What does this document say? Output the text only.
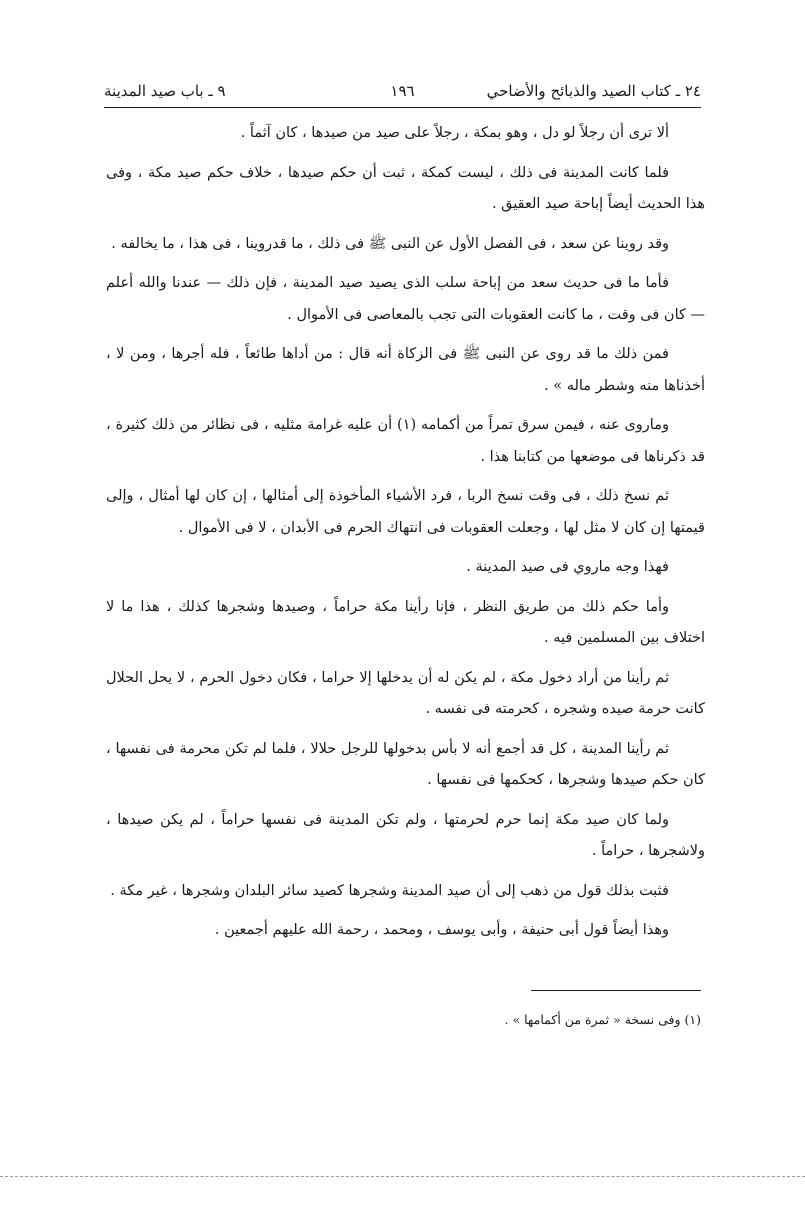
٢٤ ـ كتاب الصيد والذبائح والأضاحي
١٩٦
٩ ـ باب صيد المدينة

ألا ترى أن رجلاً لو دل ، وهو بمكة ، رجلاً على صيد من صيدها ، كان آثماً .

فلما كانت المدينة فى ذلك ، ليست كمكة ، ثبت أن حكم صيدها ، خلاف حكم صيد مكة ، وفى هذا الحديث أيضاً إباحة صيد العقيق .

وقد روينا عن سعد ، فى الفصل الأول عن النبى ﷺ فى ذلك ، ما قدروينا ، فى هذا ، ما يخالفه .

فأما ما فى حديث سعد من إباحة سلب الذى يصيد صيد المدينة ، فإن ذلك — عندنا والله أعلم — كان فى وقت ، ما كانت العقوبات التى تجب بالمعاصى فى الأموال .

فمن ذلك ما قد روى عن النبى ﷺ فى الزكاة أنه قال : من أداها طائعاً ، فله أجرها ، ومن لا ، أخذناها منه وشطر ماله » .

وماروى عنه ، فيمن سرق تمراً من أكمامه (١) أن عليه غرامة مثليه ، فى نظائر من ذلك كثيرة ، قد ذكرناها فى موضعها من كتابنا هذا .

ثم نسخ ذلك ، فى وقت نسخ الربا ، فرد الأشياء المأخوذة إلى أمثالها ، إن كان لها أمثال ، وإلى قيمتها إن كان لا مثل لها ، وجعلت العقوبات فى انتهاك الحرم فى الأبدان ، لا فى الأموال .

فهذا وجه ماروي فى صيد المدينة .

وأما حكم ذلك من طريق النظر ، فإنا رأينا مكة حراماً ، وصيدها وشجرها كذلك ، هذا ما لا اختلاف بين المسلمين فيه .

ثم رأينا من أراد دخول مكة ، لم يكن له أن يدخلها إلا حراما ، فكان دخول الحرم ، لا يحل الحلال كانت حرمة صيده وشجره ، كحرمته فى نفسه .

ثم رأينا المدينة ، كل قد أجمع أنه لا بأس بدخولها للرجل حلالا ، فلما لم تكن محرمة فى نفسها ، كان حكم صيدها وشجرها ، كحكمها فى نفسها .

ولما كان صيد مكة إنما حرم لحرمتها ، ولم تكن المدينة فى نفسها حراماً ، لم يكن صيدها ، ولاشجرها ، حراماً .

فثبت بذلك قول من ذهب إلى أن صيد المدينة وشجرها كصيد سائر البلدان وشجرها ، غير مكة .

وهذا أيضاً قول أبى حنيفة ، وأبى يوسف ، ومحمد ، رحمة الله عليهم أجمعين .

(١) وفى نسخة « ثمرة من أكمامها » .
